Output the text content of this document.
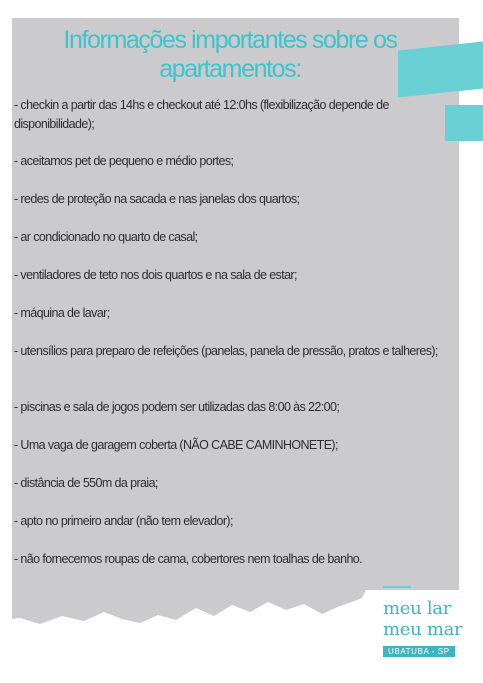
Informações importantes sobre os apartamentos:
- checkin a partir das 14hs e checkout até 12:0hs (flexibilização depende de disponibilidade);
- aceitamos pet de pequeno e médio portes;
- redes de proteção na sacada e nas janelas dos quartos;
- ar condicionado no quarto de casal;
- ventiladores de teto nos dois quartos e na sala de estar;
- máquina de lavar;
- utensílios para preparo de refeições (panelas, panela de pressão, pratos e talheres);
- piscinas e sala de jogos podem ser utilizadas das 8:00 às 22:00;
- Uma vaga de garagem coberta (NÃO CABE CAMINHONETE);
- distância de 550m da praia;
- apto no primeiro andar (não tem elevador);
- não fornecemos roupas de cama, cobertores nem toalhas de banho.
meu lar
meu mar
UBATUBA - SP
